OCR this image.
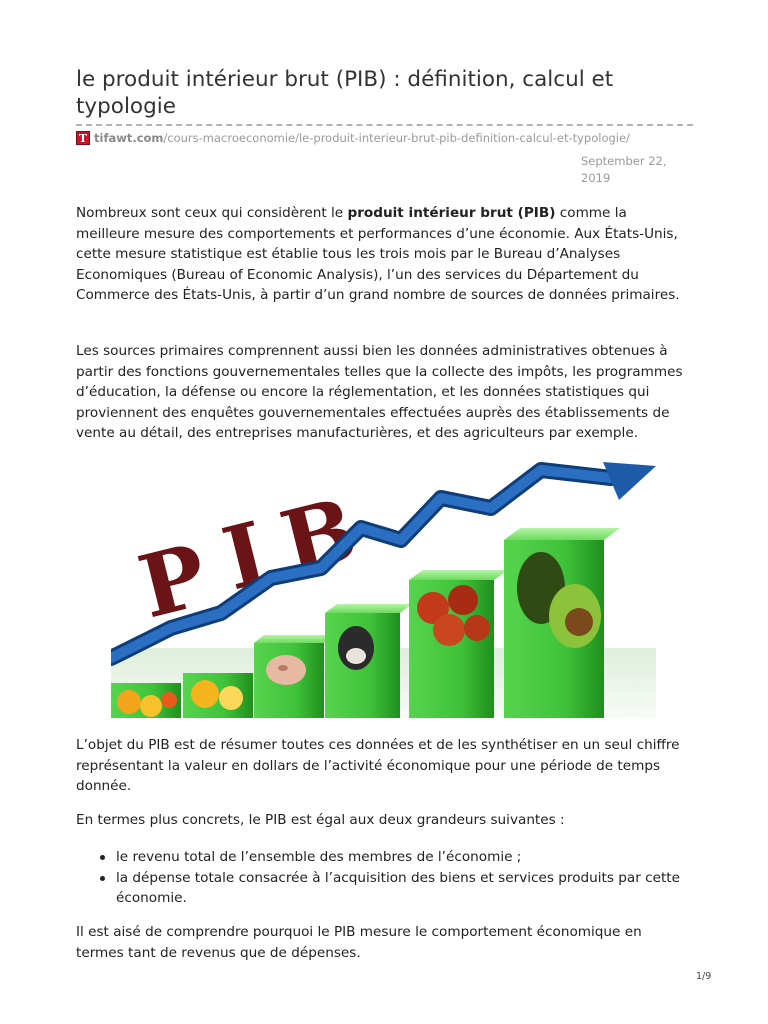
le produit intérieur brut (PIB) : définition, calcul et typologie
T tifawt.com /cours-macroeconomie/le-produit-interieur-brut-pib-definition-calcul-et-typologie/
September 22,
2019

Nombreux sont ceux qui considèrent le produit intérieur brut (PIB) comme la meilleure mesure des comportements et performances d’une économie. Aux États-Unis, cette mesure statistique est établie tous les trois mois par le Bureau d’Analyses Economiques (Bureau of Economic Analysis), l’un des services du Département du Commerce des États-Unis, à partir d’un grand nombre de sources de données primaires.

Les sources primaires comprennent aussi bien les données administratives obtenues à partir des fonctions gouvernementales telles que la collecte des impôts, les programmes d’éducation, la défense ou encore la réglementation, et les données statistiques qui proviennent des enquêtes gouvernementales effectuées auprès des établissements de vente au détail, des entreprises manufacturières, et des agriculteurs par exemple.

P
I
B

L’objet du PIB est de résumer toutes ces données et de les synthétiser en un seul chiffre représentant la valeur en dollars de l’activité économique pour une période de temps donnée.

En termes plus concrets, le PIB est égal aux deux grandeurs suivantes :

le revenu total de l’ensemble des membres de l’économie ;
la dépense totale consacrée à l’acquisition des biens et services produits par cette économie.

Il est aisé de comprendre pourquoi le PIB mesure le comportement économique en termes tant de revenus que de dépenses.

1/9
